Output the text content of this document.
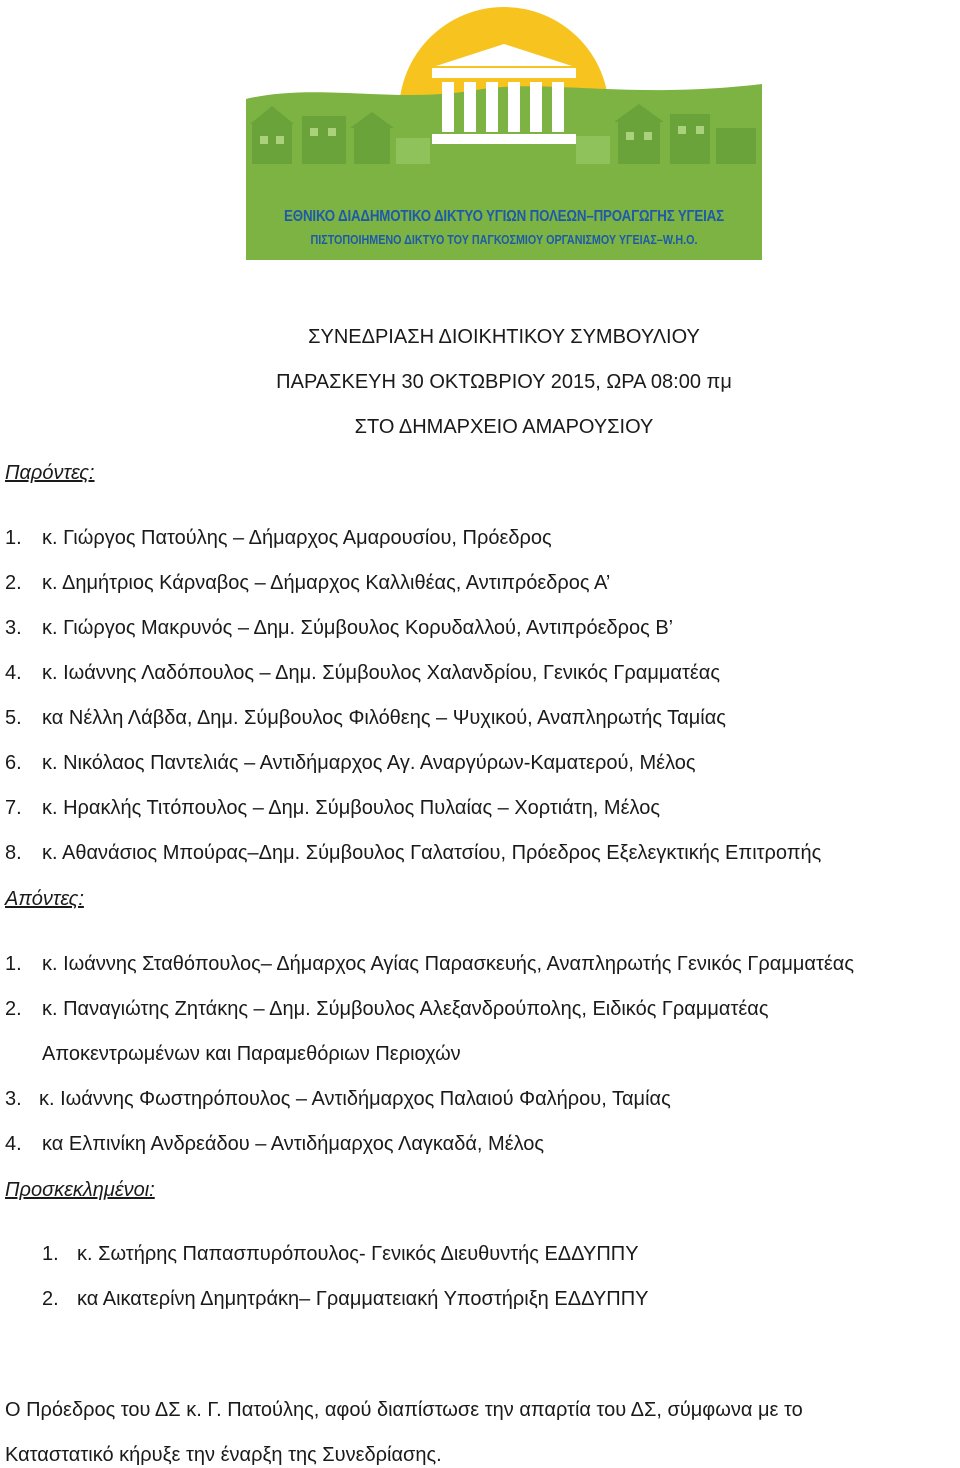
ΕΘΝΙΚΟ ΔΙΑΔΗΜΟΤΙΚΟ ΔΙΚΤΥΟ ΥΓΙΩΝ ΠΟΛΕΩΝ–ΠΡΟΑΓΩΓΗΣ ΥΓΕΙΑΣ
ΠΙΣΤΟΠΟΙΗΜΕΝΟ ΔΙΚΤΥΟ ΤΟΥ ΠΑΓΚΟΣΜΙΟΥ ΟΡΓΑΝΙΣΜΟΥ ΥΓΕΙΑΣ–W.H.O.
ΣΥΝΕΔΡΙΑΣΗ ΔΙΟΙΚΗΤΙΚΟΥ ΣΥΜΒΟΥΛΙΟΥ
ΠΑΡΑΣΚΕΥΗ 30 ΟΚΤΩΒΡΙΟΥ 2015, ΩΡΑ 08:00 πμ
ΣΤΟ ΔΗΜΑΡΧΕΙΟ ΑΜΑΡΟΥΣΙΟΥ
Παρόντες:
1. κ. Γιώργος Πατούλης – Δήμαρχος Αμαρουσίου, Πρόεδρος
2. κ. Δημήτριος Κάρναβος – Δήμαρχος Καλλιθέας, Αντιπρόεδρος Α’
3. κ. Γιώργος Μακρυνός – Δημ. Σύμβουλος Κορυδαλλού, Αντιπρόεδρος Β’
4. κ. Ιωάννης Λαδόπουλος – Δημ. Σύμβουλος Χαλανδρίου, Γενικός Γραμματέας
5. κα Νέλλη Λάβδα, Δημ. Σύμβουλος Φιλόθεης – Ψυχικού, Αναπληρωτής Ταμίας
6. κ. Νικόλαος Παντελιάς – Αντιδήμαρχος Αγ. Αναργύρων-Καματερού, Μέλος
7. κ. Ηρακλής Τιτόπουλος – Δημ. Σύμβουλος Πυλαίας – Χορτιάτη, Μέλος
8. κ. Αθανάσιος Μπούρας–Δημ. Σύμβουλος Γαλατσίου, Πρόεδρος Εξελεγκτικής Επιτροπής
Απόντες:
1. κ. Ιωάννης Σταθόπουλος– Δήμαρχος Αγίας Παρασκευής, Αναπληρωτής Γενικός Γραμματέας
2. κ. Παναγιώτης Ζητάκης – Δημ. Σύμβουλος Αλεξανδρούπολης, Ειδικός Γραμματέας
Αποκεντρωμένων και Παραμεθόριων Περιοχών
3. κ. Ιωάννης Φωστηρόπουλος – Αντιδήμαρχος Παλαιού Φαλήρου, Ταμίας
4. κα Ελπινίκη Ανδρεάδου – Αντιδήμαρχος Λαγκαδά, Μέλος
Προσκεκλημένοι:
1. κ. Σωτήρης Παπασπυρόπουλος- Γενικός Διευθυντής ΕΔΔΥΠΠΥ
2. κα Αικατερίνη Δημητράκη– Γραμματειακή Υποστήριξη ΕΔΔΥΠΠΥ
Ο Πρόεδρος του ΔΣ κ. Γ. Πατούλης, αφού διαπίστωσε την απαρτία του ΔΣ, σύμφωνα με το
Καταστατικό κήρυξε την έναρξη της Συνεδρίασης.
